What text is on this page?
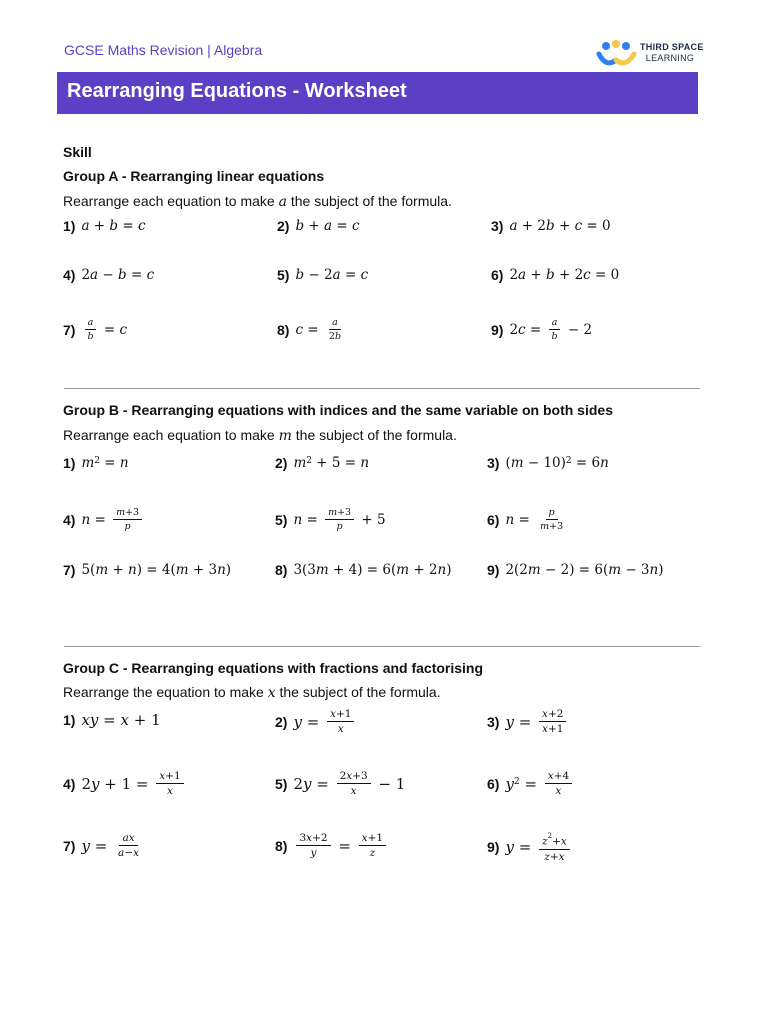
GCSE Maths Revision | Algebra	THIRD SPACE

LEARNING
Rearranging Equations - Worksheet
Skill
Group A - Rearranging linear equations
Rearrange each equation to make a the subject of the formula.
1) a + b = c	2) b + a = c	3) a + 2 b + c = 0
4) 2 a − b = c	5) b − 2 a = c	6) 2 a + b + 2 c = 0
$7) \frac{a}{b} = c$	8) $c = \frac{a}{2b}$	9) 2 $c = \frac{a}{b} - 2$
Group B - Rearranging equations with indices and the same variable on both sides
Rearrange each equation to make m the subject of the formula.
1) $m^2 = n$	2) $m^2 + 5 = n$	3) ( m − 10)$^2$ = 6 n
4) $n = \frac{m+3}{p}$	5) $n = \frac{m+3}{p} + 5$	6) $n = \frac{p}{m+3}$
7) 5( m + n ) = 4( m + 3 n )	8) 3(3 m + 4) = 6( m + 2 n )	9) 2(2 m − 2) = 6( m − 3 n )
Group C - Rearranging equations with fractions and factorising
Rearrange the equation to make x the subject of the formula.
1) xy = x + 1	2) $y = \frac{x+1}{x}$	3) $y = \frac{x+2}{x+1}$
4) 2 $y + 1 = \frac{x+1}{x}$	5) 2 $y = \frac{2x+3}{x} - 1$	6) $y^2 = \frac{x+4}{x}$
7) $y = \frac{ax}{a-x}$	$8) \frac{3x+2}{y} = \frac{x+1}{z}$	9) $y = \frac{z^2+x}{z+x}$
